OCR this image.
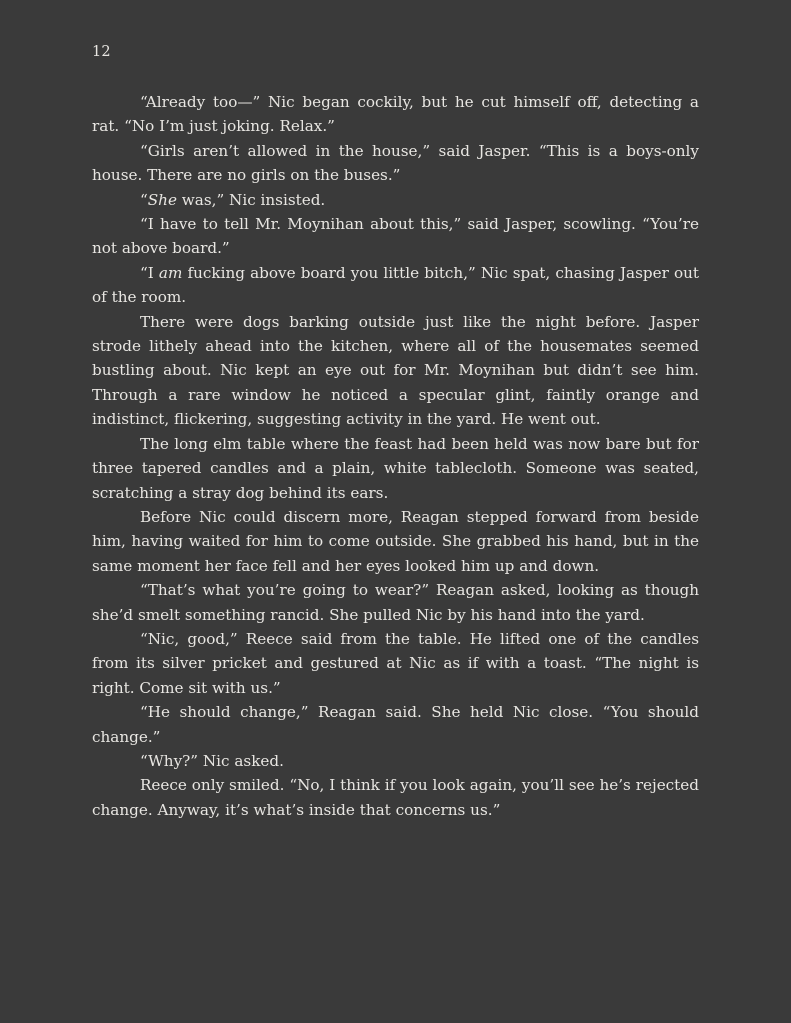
12

“Already too—” Nic began cockily, but he cut himself off, detecting a rat. “No I’m just joking. Relax.”

“Girls aren’t allowed in the house,” said Jasper. “This is a boys-only house. There are no girls on the buses.”

“She was,” Nic insisted.

“I have to tell Mr. Moynihan about this,” said Jasper, scowling. “You’re not above board.”

“I am fucking above board you little bitch,” Nic spat, chasing Jasper out of the room.

There were dogs barking outside just like the night before. Jasper strode lithely ahead into the kitchen, where all of the housemates seemed bustling about. Nic kept an eye out for Mr. Moynihan but didn’t see him. Through a rare window he noticed a specular glint, faintly orange and indistinct, flickering, suggesting activity in the yard. He went out.

The long elm table where the feast had been held was now bare but for three tapered candles and a plain, white tablecloth. Someone was seated, scratching a stray dog behind its ears.

Before Nic could discern more, Reagan stepped forward from beside him, having waited for him to come outside. She grabbed his hand, but in the same moment her face fell and her eyes looked him up and down.

“That’s what you’re going to wear?” Reagan asked, looking as though she’d smelt something rancid. She pulled Nic by his hand into the yard.

“Nic, good,” Reece said from the table. He lifted one of the candles from its silver pricket and gestured at Nic as if with a toast. “The night is right. Come sit with us.”

“He should change,” Reagan said. She held Nic close. “You should change.”

“Why?” Nic asked.

Reece only smiled. “No, I think if you look again, you’ll see he’s rejected change. Anyway, it’s what’s inside that concerns us.”
